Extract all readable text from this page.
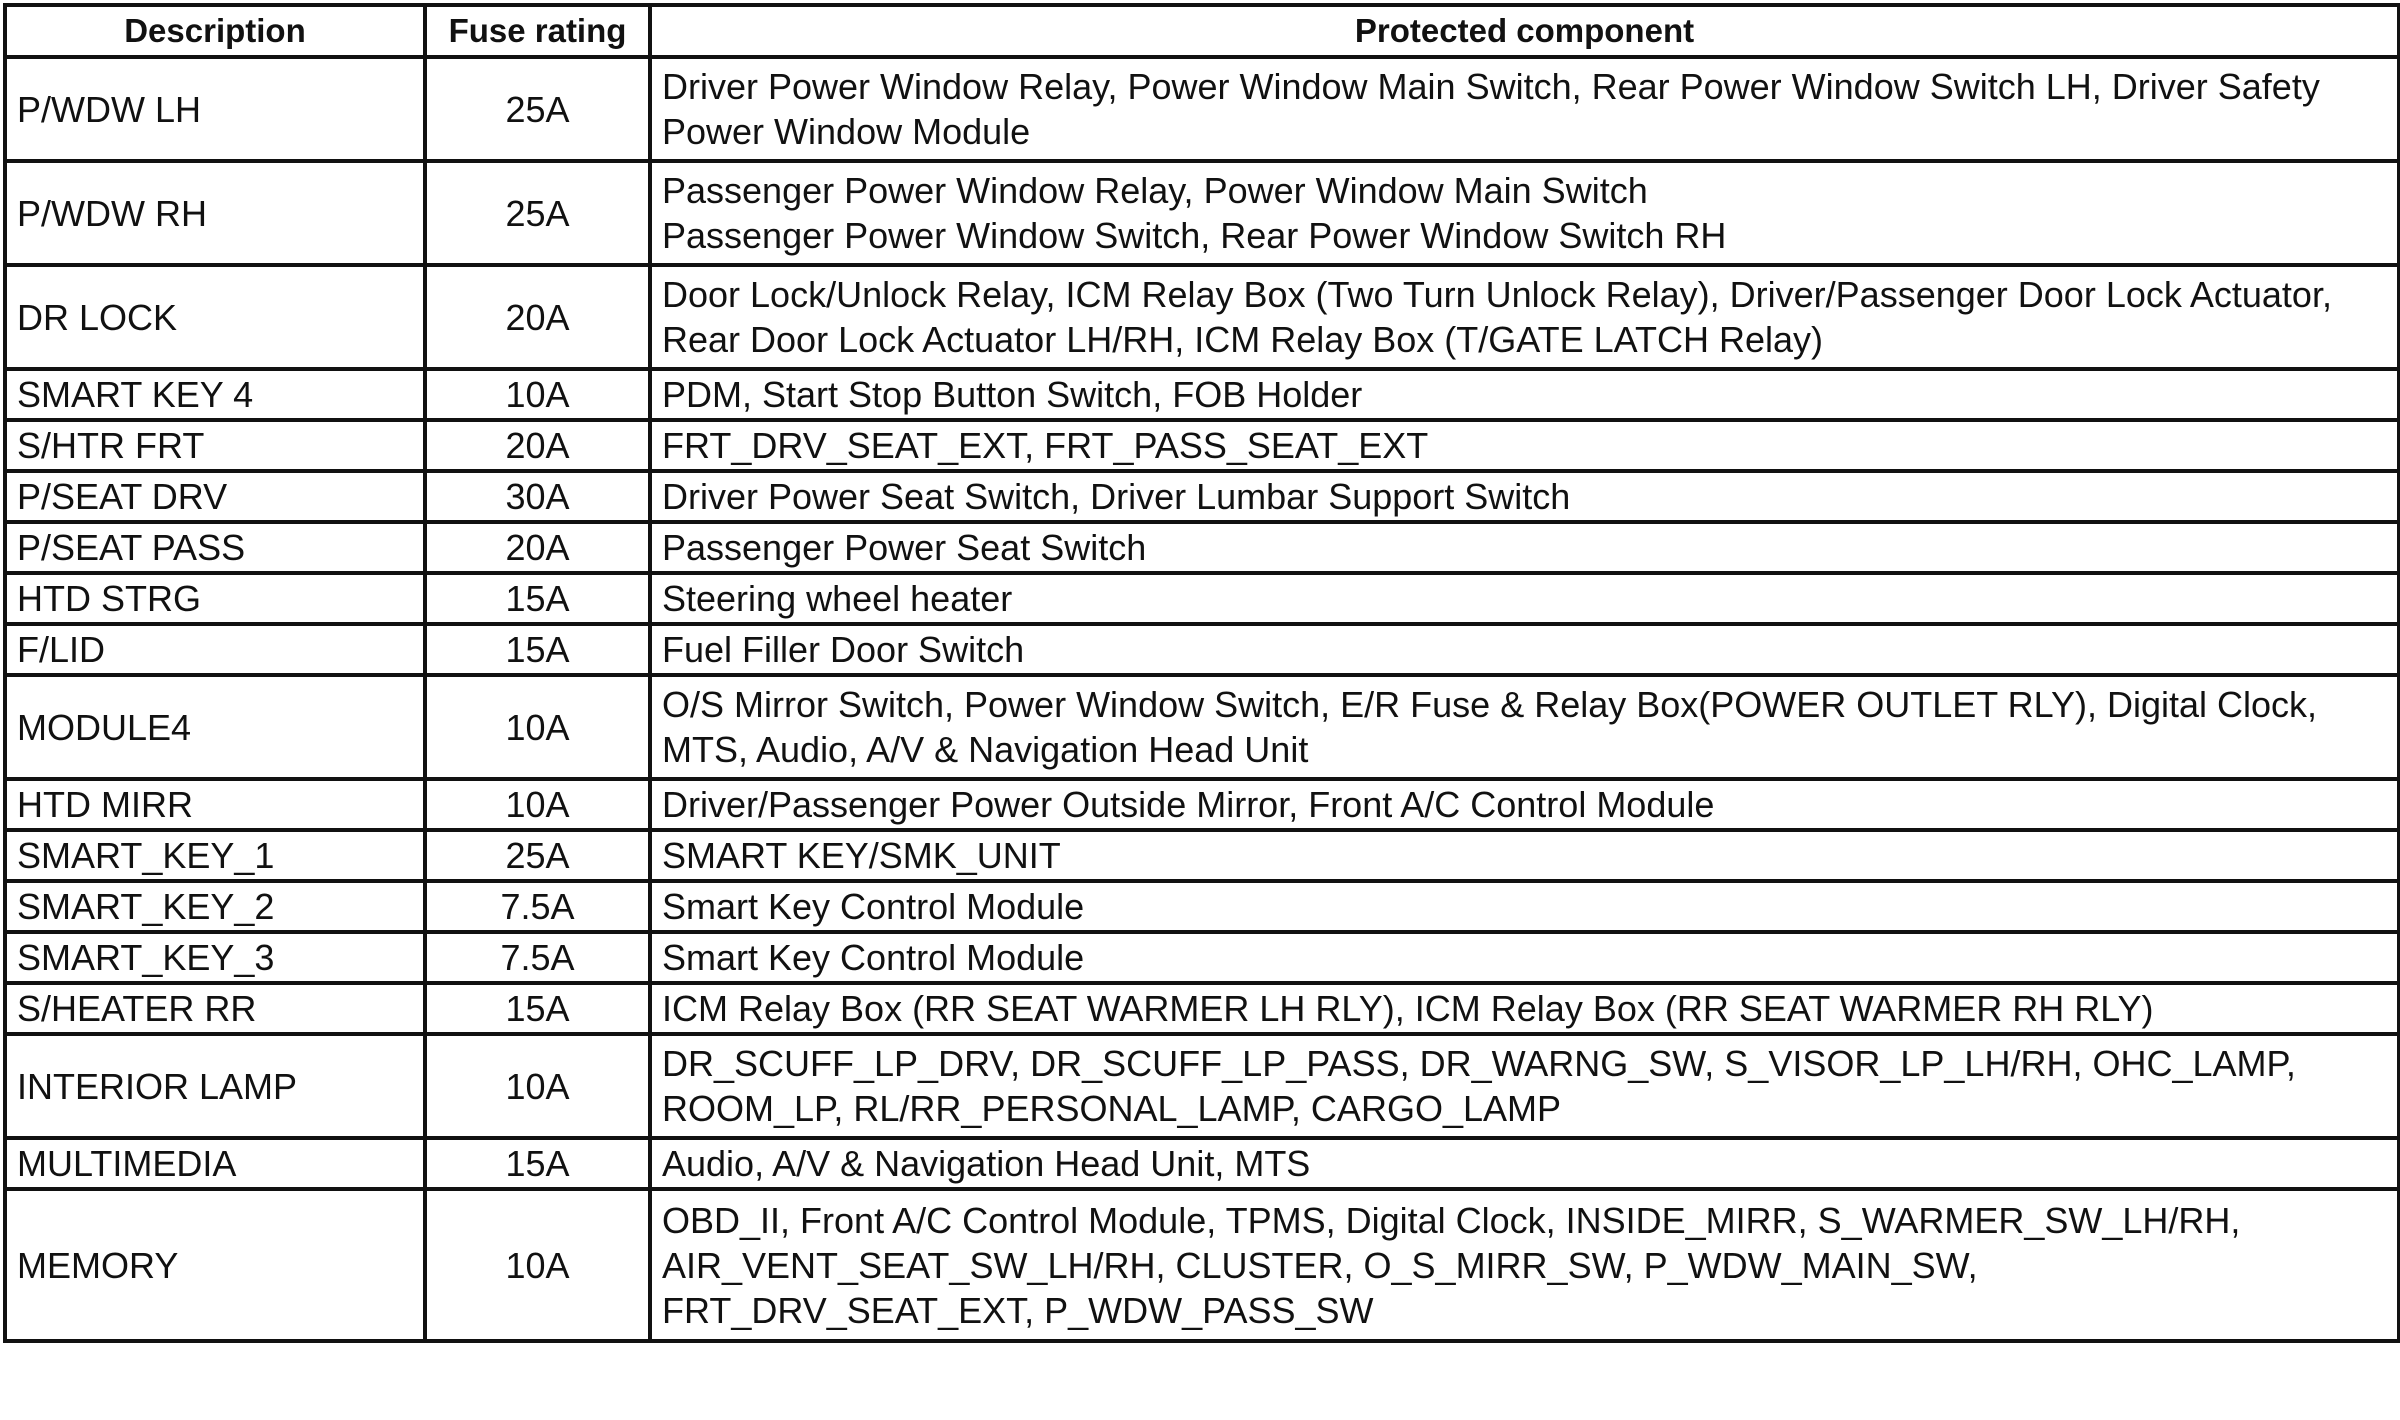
Description	Fuse rating	Protected component
P/WDW LH	25A	Driver Power Window Relay, Power Window Main Switch, Rear Power Window Switch LH, Driver Safety
Power Window Module
P/WDW RH	25A	Passenger Power Window Relay, Power Window Main Switch
Passenger Power Window Switch, Rear Power Window Switch RH
DR LOCK	20A	Door Lock/Unlock Relay, ICM Relay Box (Two Turn Unlock Relay), Driver/Passenger Door Lock Actuator,
Rear Door Lock Actuator LH/RH, ICM Relay Box (T/GATE LATCH Relay)
SMART KEY 4	10A	PDM, Start Stop Button Switch, FOB Holder
S/HTR FRT	20A	FRT_DRV_SEAT_EXT, FRT_PASS_SEAT_EXT
P/SEAT DRV	30A	Driver Power Seat Switch, Driver Lumbar Support Switch
P/SEAT PASS	20A	Passenger Power Seat Switch
HTD STRG	15A	Steering wheel heater
F/LID	15A	Fuel Filler Door Switch
MODULE4	10A	O/S Mirror Switch, Power Window Switch, E/R Fuse & Relay Box(POWER OUTLET RLY), Digital Clock,
MTS, Audio, A/V & Navigation Head Unit
HTD MIRR	10A	Driver/Passenger Power Outside Mirror, Front A/C Control Module
SMART_KEY_1	25A	SMART KEY/SMK_UNIT
SMART_KEY_2	7.5A	Smart Key Control Module
SMART_KEY_3	7.5A	Smart Key Control Module
S/HEATER RR	15A	ICM Relay Box (RR SEAT WARMER LH RLY), ICM Relay Box (RR SEAT WARMER RH RLY)
INTERIOR LAMP	10A	DR_SCUFF_LP_DRV, DR_SCUFF_LP_PASS, DR_WARNG_SW, S_VISOR_LP_LH/RH, OHC_LAMP,
ROOM_LP, RL/RR_PERSONAL_LAMP, CARGO_LAMP
MULTIMEDIA	15A	Audio, A/V & Navigation Head Unit, MTS
MEMORY	10A	OBD_II, Front A/C Control Module, TPMS, Digital Clock, INSIDE_MIRR, S_WARMER_SW_LH/RH,
AIR_VENT_SEAT_SW_LH/RH, CLUSTER, O_S_MIRR_SW, P_WDW_MAIN_SW,
FRT_DRV_SEAT_EXT, P_WDW_PASS_SW
